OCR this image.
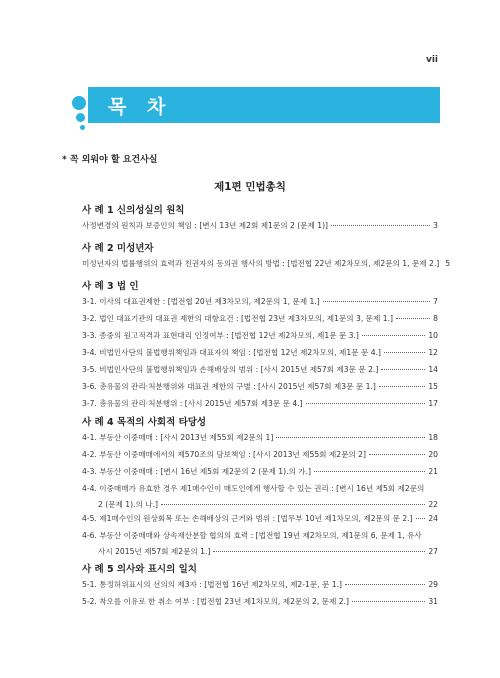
vii
목 차
* 꼭 외워야 할 요건사실
제1편 민법총칙
사 례 1 신의성실의 원칙
사 례 2 미성년자
사 례 3 법 인
사 례 4 목적의 사회적 타당성
사 례 5 의사와 표시의 일치
사정변경의 원칙과 보증인의 책임 : [변시 13년 제2회 제1문의 2 (문제 1)]	3
미성년자의 법률행위의 효력과 친권자의 동의권 행사의 방법 : [법전협 22년 제2차모의, 제2문의 1, 문제 2.] 5
3-1. 이사의 대표권제한 : [법전협 20년 제3차모의, 제2문의 1, 문제 1.]	7
3-2. 법인 대표기관의 대표권 제한의 대항요건 : [법전협 23년 제3차모의, 제1문의 3, 문제 1.]	8
3-3. 종중의 원고적격과 표현대리 인정여부 : [법전협 12년 제2차모의, 제1문 문 3.]	10
3-4. 비법인사단의 불법행위책임과 대표자의 책임 : [법전협 12년 제2차모의, 제1문 문 4.]	12
3-5. 비법인사단의 불법행위책임과 손해배상의 범위 : [사시 2015년 제57회 제3문 문 2.]	14
3-6. 총유물의 관리·처분행위와 대표권 제한의 구별 : [사시 2015년 제57회 제3문 문 1.]	15
3-7. 총유물의 관리·처분행위 : [사시 2015년 제57회 제3문 문 4.]	17
4-1. 부동산 이중매매 : [사시 2013년 제55회 제2문의 1]	18
4-2. 부동산 이중매매에서의 제570조의 담보책임 : [사시 2013년 제55회 제2문의 2]	20
4-3. 부동산 이중매매 : [변시 16년 제5회 제2문의 2 (문제 1).의 가.]	21
4-4. 이중매매가 유효한 경우 제1매수인이 매도인에게 행사할 수 있는 권리 : [변시 16년 제5회 제2문의
2 (문제 1).의 나.]	22
4-5. 제1매수인의 원상회복 또는 손해배상의 근거와 범위 : [법무부 10년 제1차모의, 제2문의 문 2.] 24
4-6. 부동산 이중매매와 상속재산분할 협의의 효력 : [법전협 19년 제2차모의, 제1문의 6, 문제 1, 유사
사시 2015년 제57회 제2문의 1.]	27
5-1. 통정허위표시의 선의의 제3자 : [법전협 16년 제2차모의, 제2-1문, 문 1.]	29
5-2. 착오를 이유로 한 취소 여부 : [법전협 23년 제1차모의, 제2문의 2, 문제 2.]	31
